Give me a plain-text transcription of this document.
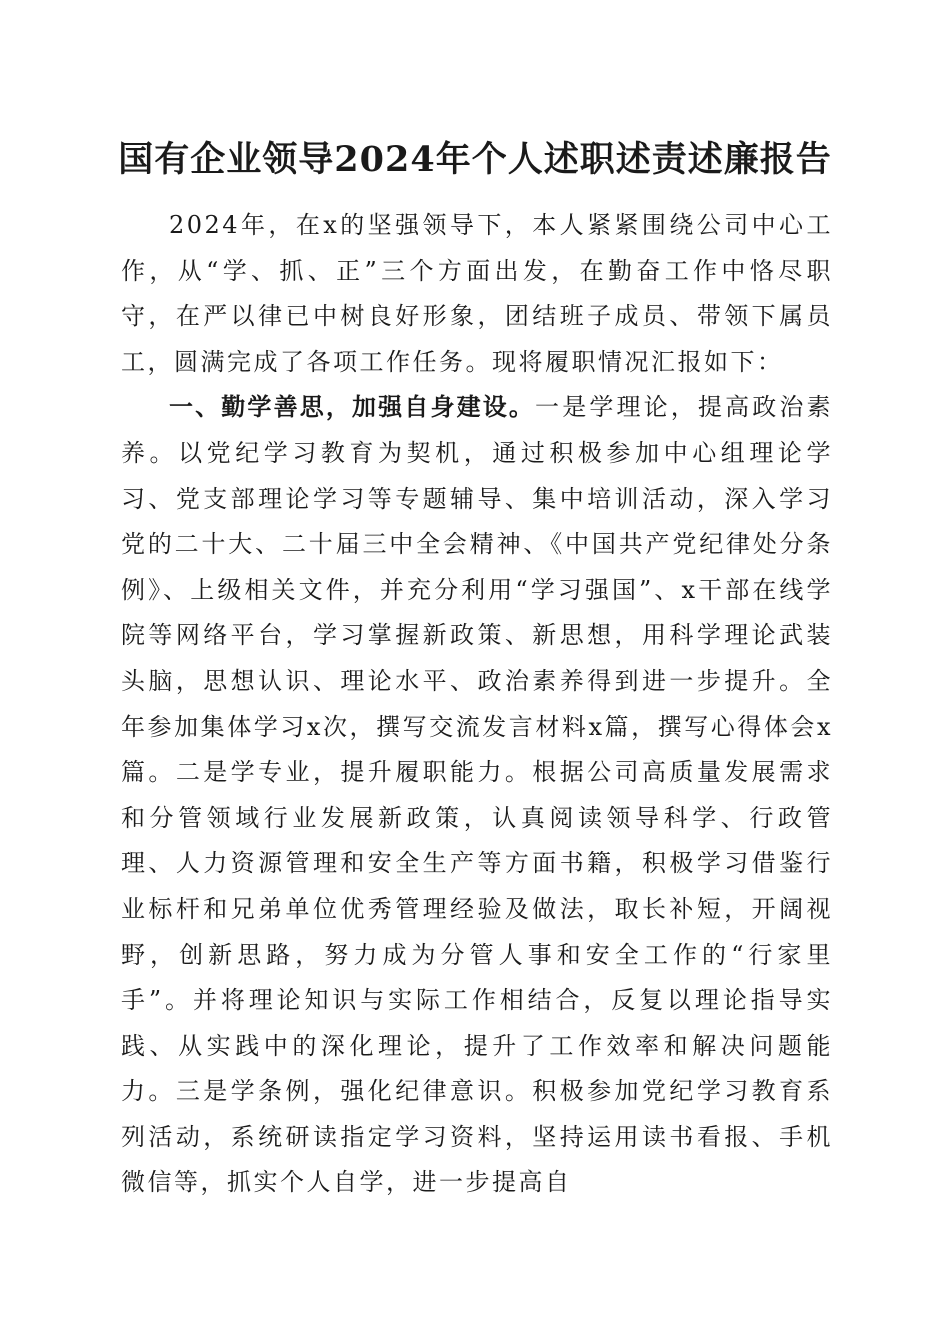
国有企业领导2024年个人述职述责述廉报告

2024年，在x的坚强领导下，本人紧紧围绕公司中心工作，从“学、抓、正”三个方面出发，在勤奋工作中恪尽职守，在严以律已中树良好形象，团结班子成员、带领下属员工，圆满完成了各项工作任务。现将履职情况汇报如下：

一、勤学善思，加强自身建设。一是学理论，提高政治素养。以党纪学习教育为契机，通过积极参加中心组理论学习、党支部理论学习等专题辅导、集中培训活动，深入学习党的二十大、二十届三中全会精神、《中国共产党纪律处分条例》、上级相关文件，并充分利用“学习强国”、x干部在线学院等网络平台，学习掌握新政策、新思想，用科学理论武装头脑，思想认识、理论水平、政治素养得到进一步提升。全年参加集体学习x次，撰写交流发言材料x篇，撰写心得体会x篇。二是学专业，提升履职能力。根据公司高质量发展需求和分管领域行业发展新政策，认真阅读领导科学、行政管理、人力资源管理和安全生产等方面书籍，积极学习借鉴行业标杆和兄弟单位优秀管理经验及做法，取长补短，开阔视野，创新思路，努力成为分管人事和安全工作的“行家里手”。并将理论知识与实际工作相结合，反复以理论指导实践、从实践中的深化理论，提升了工作效率和解决问题能力。三是学条例，强化纪律意识。积极参加党纪学习教育系列活动，系统研读指定学习资料，坚持运用读书看报、手机微信等，抓实个人自学，进一步提高自
